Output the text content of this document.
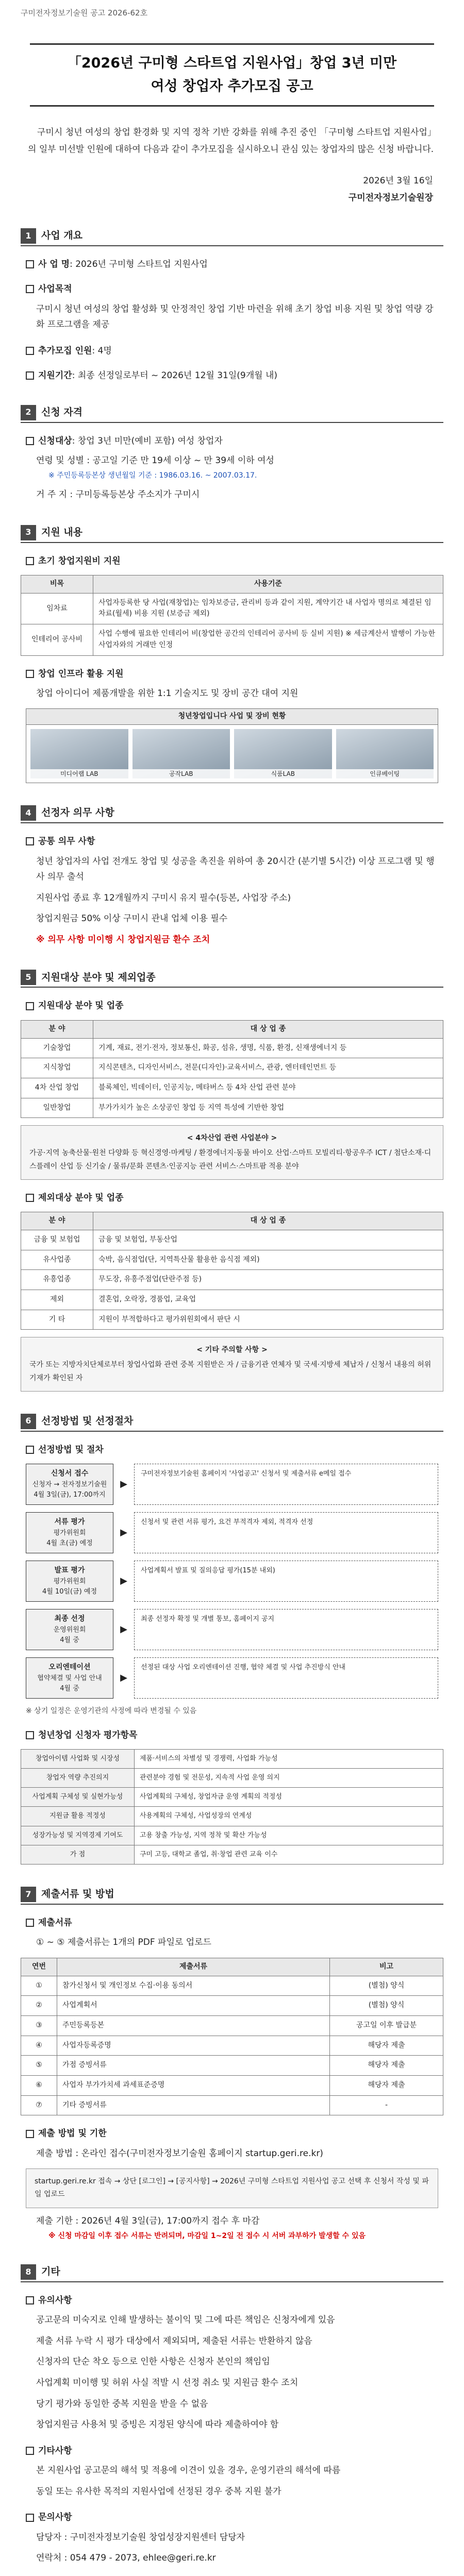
구미전자정보기술원 공고 2026-62호
「2026년 구미형 스타트업 지원사업」창업 3년 미만
여성 창업자 추가모집 공고
구미시 청년 여성의 창업 환경화 및 지역 정착 기반 강화를 위해 추진 중인 「구미형 스타트업 지원사업」의 일부 미선발 인원에 대하여 다음과 같이 추가모집을 실시하오니 관심 있는 창업자의 많은 신청 바랍니다.
2026년 3월 16일
구미전자정보기술원장
1	사업 개요
사 업 명 : 2026년 구미형 스타트업 지원사업
사업목적
구미시 청년 여성의 창업 활성화 및 안정적인 창업 기반 마련을 위해 초기 창업 비용 지원 및 창업 역량 강화 프로그램을 제공
추가모집 인원 : 4명
지원기간 : 최종 선정일로부터 ~ 2026년 12월 31일(9개월 내)
2	신청 자격
신청대상 : 창업 3년 미만(예비 포함) 여성 창업자
연령 및 성별 : 공고일 기준 만 19세 이상 ~ 만 39세 이하 여성
※ 주민등록등본상 생년월일 기준 : 1986.03.16. ~ 2007.03.17.
거 주 지 : 구미등록등본상 주소지가 구미시
3	지원 내용
초기 창업지원비 지원
비목	사용기준
임차료	사업자등록한 당 사업(재창업)는 임차보증금, 관리비 등과 같이 지원, 계약기간 내 사업자 명의로 체결된 임차료(월세) 비용 지원 (보증금 제외)
인테리어 공사비	사업 수행에 필요한 인테리어 비(창업한 공간의 인테리어 공사비 등 실비 지원) ※ 세금계산서 발행이 가능한 사업자와의 거래만 인정
창업 인프라 활용 지원
창업 아이디어 제품개발을 위한 1:1 기술지도 및 장비 공간 대여 지원
청년창업입니다 사업 및 장비 현황
미디어랩 LAB	공작LAB	식품LAB	인큐베이팅
4	선정자 의무 사항
공통 의무 사항
청년 창업자의 사업 전개도 창업 및 성공을 촉진을 위하여 총 20시간 (분기별 5시간) 이상 프로그램 및 행사 의무 출석
지원사업 종료 후 12개월까지 구미시 유지 필수(등본, 사업장 주소)
창업지원금 50% 이상 구미시 관내 업체 이용 필수
※ 의무 사항 미이행 시 창업지원금 환수 조치
5	지원대상 분야 및 제외업종
지원대상 분야 및 업종
분 야	대 상 업 종
기술창업	기계, 재료, 전기·전자, 정보통신, 화공, 섬유, 생명, 식품, 환경, 신재생에너지 등
지식창업	지식콘텐츠, 디자인서비스, 전문(디자인)·교육서비스, 관광, 엔터테인먼트 등
4차 산업 창업	블록체인, 빅데이터, 인공지능, 메타버스 등 4차 산업 관련 분야
일반창업	부가가치가 높은 소상공인 창업 등 지역 특성에 기반한 창업
< 4차산업 관련 사업분야 >
가공·지역 농축산물·원천 다양화 등 혁신경영·마케팅 / 환경에너지·동물 바이오 산업·스마트 모빌리티·항공우주 ICT / 첨단소재·디스플레이 산업 등 신기술 / 물류/문화 콘텐츠·인공지능 관련 서비스·스마트팜 적용 분야
제외대상 분야 및 업종
분 야	대 상 업 종
금융 및 보험업	금융 및 보험업, 부동산업
유사업종	숙박, 음식점업(단, 지역특산물 활용한 음식점 제외)
유흥업종	무도장, 유흥주점업(단란주점 등)
제외	결혼업, 오락장, 경품업, 교육업
기 타	지원이 부적합하다고 평가위원회에서 판단 시
< 기타 주의할 사항 >
국가 또는 지방자치단체로부터 창업사업화 관련 중복 지원받은 자 / 금융기관 연체자 및 국세·지방세 체납자 / 신청서 내용의 허위 기재가 확인된 자
6	선정방법 및 선정절차
선정방법 및 절차
신청서 접수
신청자 → 전자정보기술원
4월 3일(금), 17:00까지
▶
구미전자정보기술원 홈페이지 '사업공고' 신청서 및 제출서류 e메일 접수
서류 평가
평가위원회
4월 초(금) 예정
▶
신청서 및 관련 서류 평가, 요건 부적격자 제외, 적격자 선정
발표 평가
평가위원회
4월 10일(금) 예정
▶
사업계획서 발표 및 질의응답 평가(15분 내외)
최종 선정
운영위원회
4월 중
▶
최종 선정자 확정 및 개별 통보, 홈페이지 공지
오리엔테이션
협약체결 및 사업 안내
4월 중
▶
선정된 대상 사업 오리엔테이션 진행, 협약 체결 및 사업 추진방식 안내
※ 상기 일정은 운영기관의 사정에 따라 변경될 수 있음
청년창업 신청자 평가항목
창업아이템 사업화 및 시장성	제품·서비스의 차별성 및 경쟁력, 사업화 가능성
창업자 역량 추진의지	관련분야 경험 및 전문성, 지속적 사업 운영 의지
사업계획 구체성 및 실현가능성	사업계획의 구체성, 창업자금 운영 계획의 적정성
지원금 활용 적정성	사용계획의 구체성, 사업성장의 연계성
성장가능성 및 지역경제 기여도	고용 창출 가능성, 지역 정착 및 확산 가능성
가 점	구미 고등, 대학교 졸업, 취·창업 관련 교육 이수
7	제출서류 및 방법
제출서류
① ~ ⑤ 제출서류는 1개의 PDF 파일로 업로드
연번	제출서류	비고
①	참가신청서 및 개인정보 수집·이용 동의서	(별첨) 양식
②	사업계획서	(별첨) 양식
③	주민등록등본	공고일 이후 발급분
④	사업자등록증명	해당자 제출
⑤	가점 증빙서류	해당자 제출
⑥	사업자 부가가치세 과세표준증명	해당자 제출
⑦	기타 증빙서류	-
제출 방법 및 기한
제출 방법 : 온라인 접수(구미전자정보기술원 홈페이지 startup.geri.re.kr)
startup.geri.re.kr 접속 → 상단 [로그인] → [공지사항] → 2026년 구미형 스타트업 지원사업 공고 선택 후 신청서 작성 및 파일 업로드
제출 기한 : 2026년 4월 3일(금), 17:00까지 접수 후 마감
※ 신청 마감일 이후 접수 서류는 반려되며, 마감일 1~2일 전 접수 시 서버 과부하가 발생할 수 있음
8	기타
유의사항
공고문의 미숙지로 인해 발생하는 불이익 및 그에 따른 책임은 신청자에게 있음
제출 서류 누락 시 평가 대상에서 제외되며, 제출된 서류는 반환하지 않음
신청자의 단순 착오 등으로 인한 사항은 신청자 본인의 책임임
사업계획 미이행 및 허위 사실 적발 시 선정 취소 및 지원금 환수 조치
당기 평가와 동일한 중복 지원을 받을 수 없음
창업지원금 사용처 및 증빙은 지정된 양식에 따라 제출하여야 함
기타사항
본 지원사업 공고문의 해석 및 적용에 이견이 있을 경우, 운영기관의 해석에 따름
동일 또는 유사한 목적의 지원사업에 선정된 경우 중복 지원 불가
문의사항
담당자 : 구미전자정보기술원 창업성장지원센터 담당자
연락처 : 054 479 - 2073, ehlee@geri.re.kr
